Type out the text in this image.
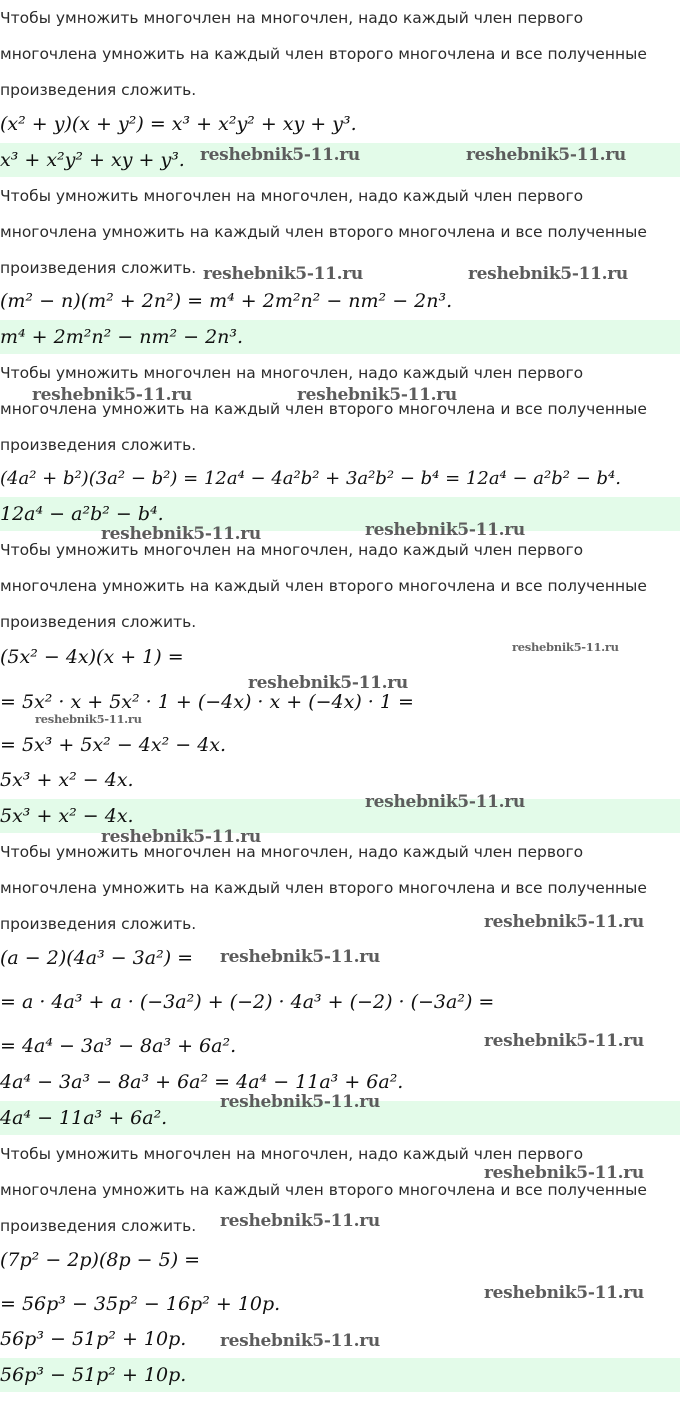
Чтобы умножить многочлен на многочлен, надо каждый член первого
многочлена умножить на каждый член второго многочлена и все полученные
произведения сложить.
(x² + y)(x + y²) = x³ + x²y² + xy + y³.
x³ + x²y² + xy + y³.
Чтобы умножить многочлен на многочлен, надо каждый член первого
многочлена умножить на каждый член второго многочлена и все полученные
произведения сложить.
(m² − n)(m² + 2n²) = m⁴ + 2m²n² − nm² − 2n³.
m⁴ + 2m²n² − nm² − 2n³.
Чтобы умножить многочлен на многочлен, надо каждый член первого
многочлена умножить на каждый член второго многочлена и все полученные
произведения сложить.
(4a² + b²)(3a² − b²) = 12a⁴ − 4a²b² + 3a²b² − b⁴ = 12a⁴ − a²b² − b⁴.
12a⁴ − a²b² − b⁴.
Чтобы умножить многочлен на многочлен, надо каждый член первого
многочлена умножить на каждый член второго многочлена и все полученные
произведения сложить.
(5x² − 4x)(x + 1) =
= 5x² · x + 5x² · 1 + (−4x) · x + (−4x) · 1 =
= 5x³ + 5x² − 4x² − 4x.
5x³ + x² − 4x.
5x³ + x² − 4x.
Чтобы умножить многочлен на многочлен, надо каждый член первого
многочлена умножить на каждый член второго многочлена и все полученные
произведения сложить.
(a − 2)(4a³ − 3a²) =
= a · 4a³ + a · (−3a²) + (−2) · 4a³ + (−2) · (−3a²) =
= 4a⁴ − 3a³ − 8a³ + 6a².
4a⁴ − 3a³ − 8a³ + 6a² = 4a⁴ − 11a³ + 6a².
4a⁴ − 11a³ + 6a².
Чтобы умножить многочлен на многочлен, надо каждый член первого
многочлена умножить на каждый член второго многочлена и все полученные
произведения сложить.
(7p² − 2p)(8p − 5) =
= 56p³ − 35p² − 16p² + 10p.
56p³ − 51p² + 10p.
56p³ − 51p² + 10p.
reshebnik5-11.ru	reshebnik5-11.ru
reshebnik5-11.ru	reshebnik5-11.ru
reshebnik5-11.ru	reshebnik5-11.ru
reshebnik5-11.ru	reshebnik5-11.ru
reshebnik5-11.ru
reshebnik5-11.ru
reshebnik5-11.ru
reshebnik5-11.ru
reshebnik5-11.ru
reshebnik5-11.ru
reshebnik5-11.ru
reshebnik5-11.ru
reshebnik5-11.ru
reshebnik5-11.ru
reshebnik5-11.ru
reshebnik5-11.ru
reshebnik5-11.ru
